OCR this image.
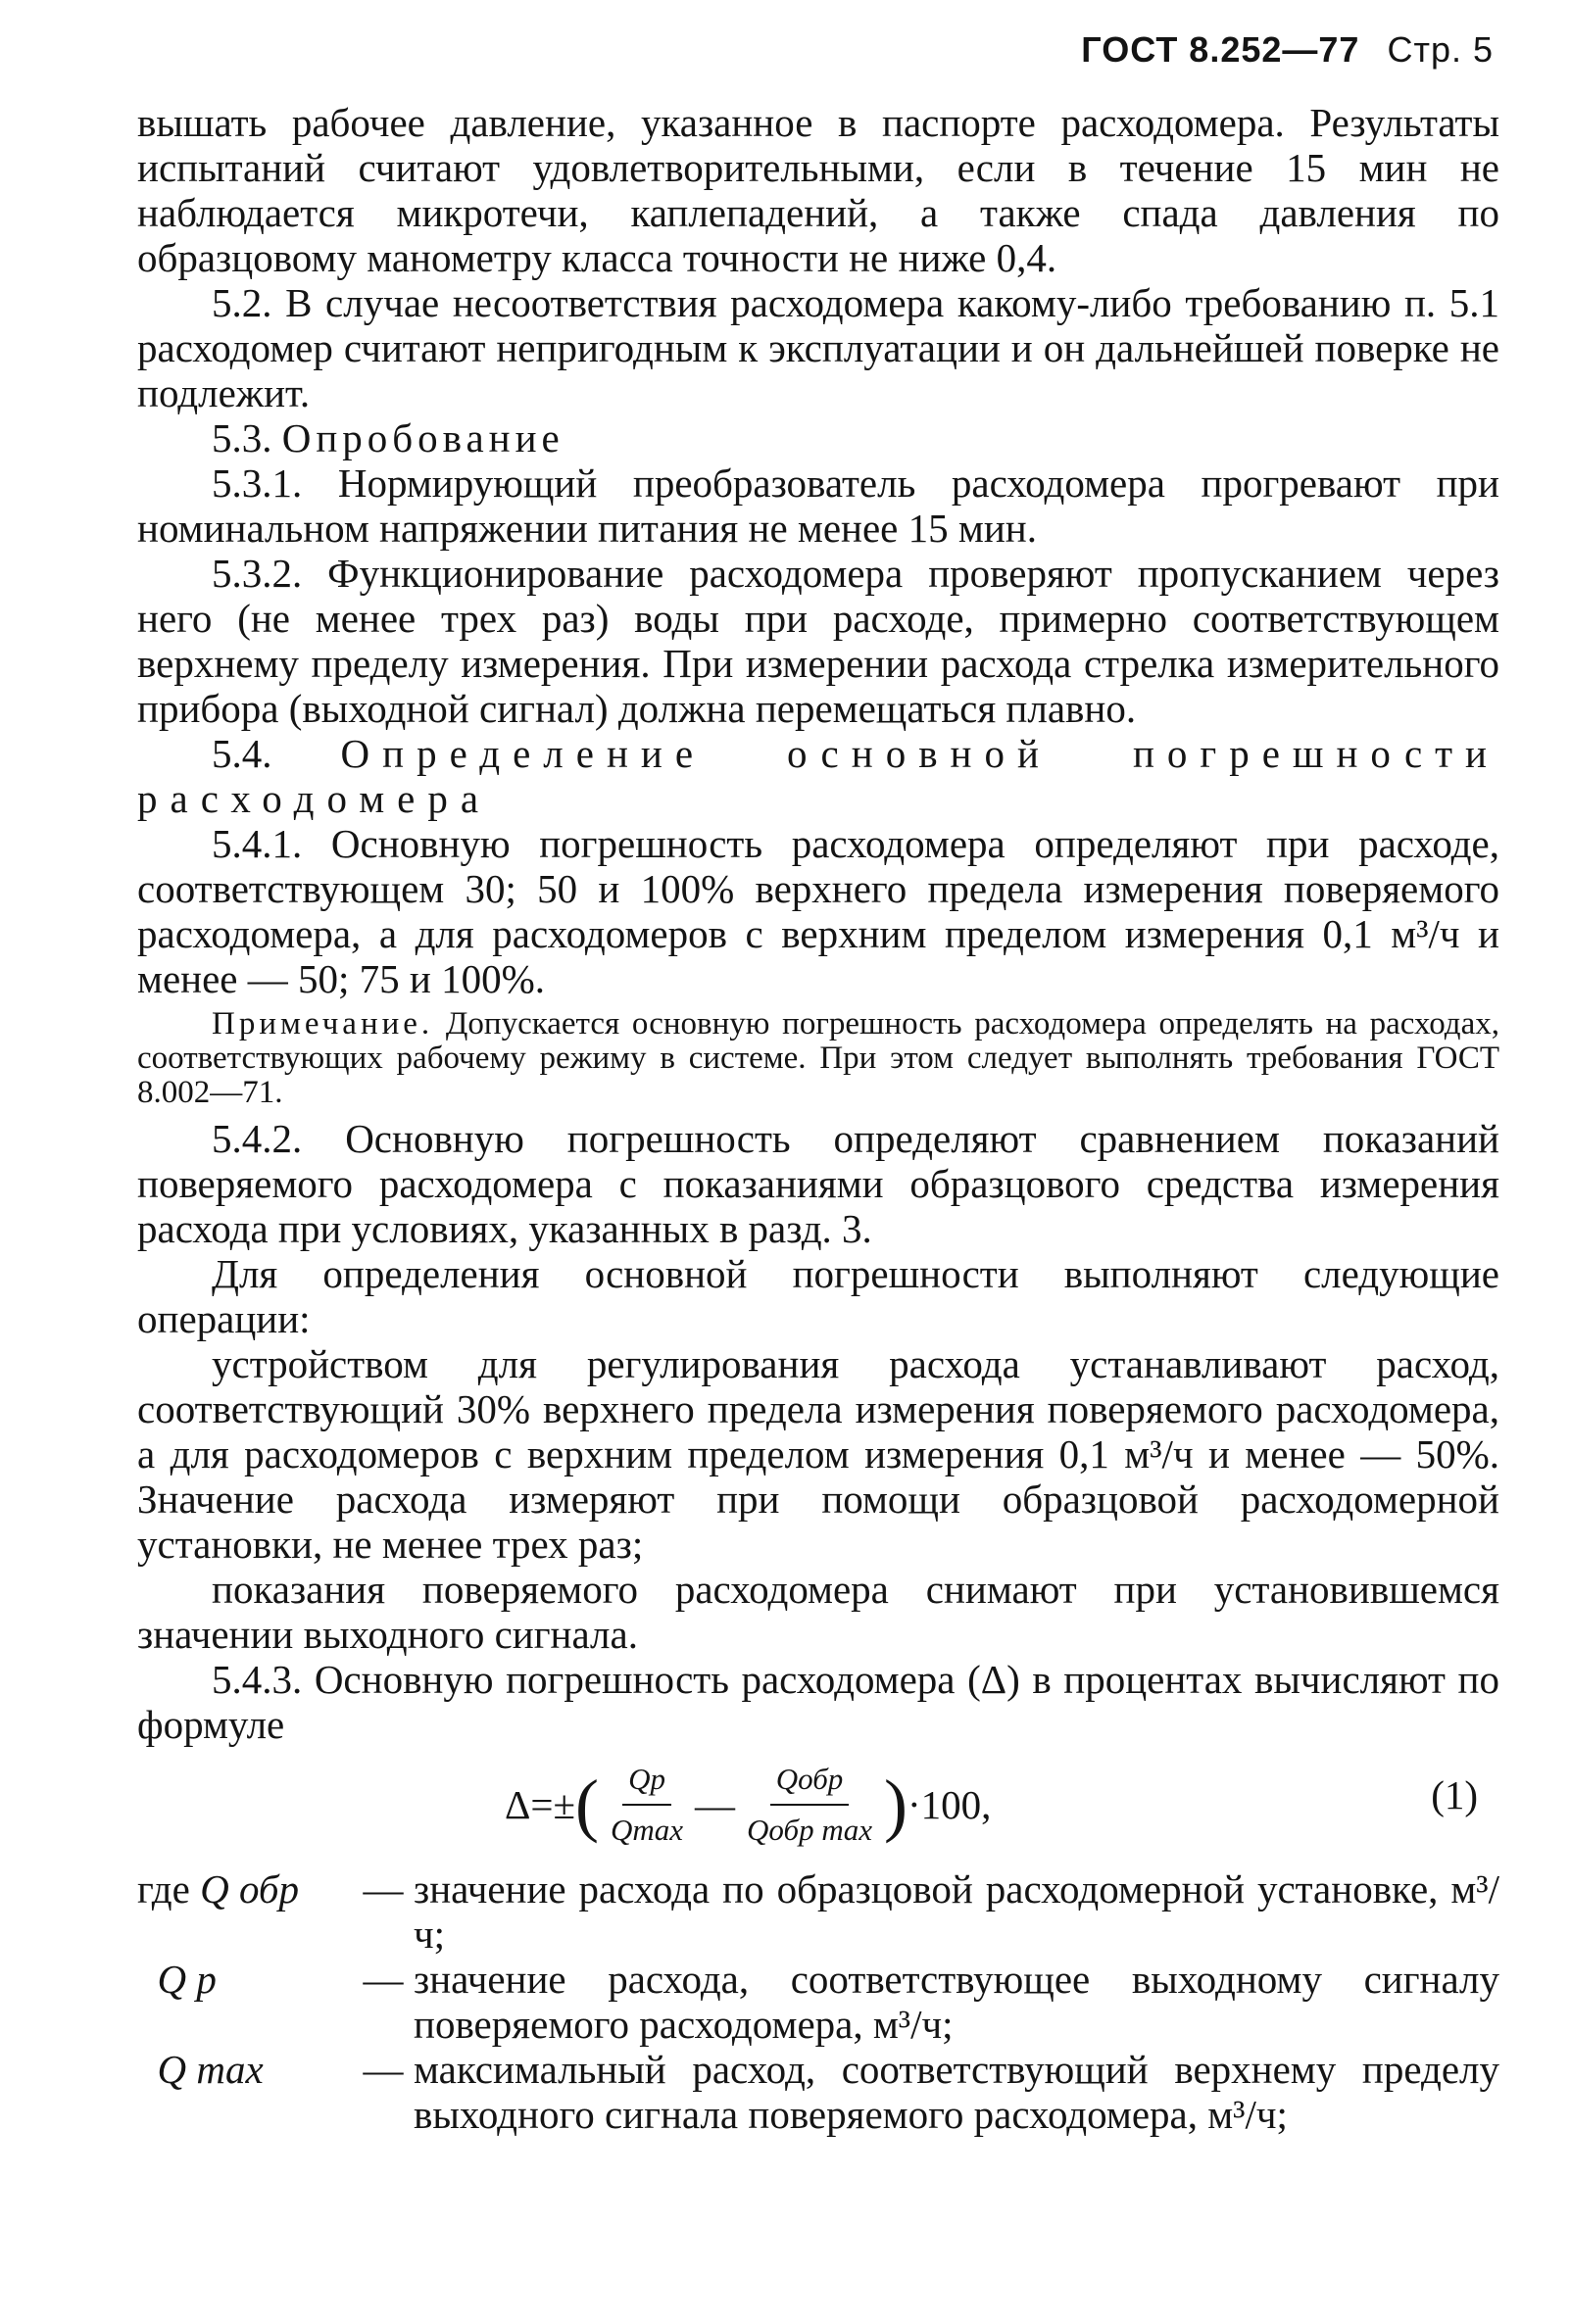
ГОСТ 8.252—77 Стр. 5

вышать рабочее давление, указанное в паспорте расходомера. Результаты испытаний считают удовлетворительными, если в течение 15 мин не наблюдается микротечи, каплепадений, а также спада давления по образцовому манометру класса точности не ниже 0,4.

5.2. В случае несоответствия расходомера какому-либо требованию п. 5.1 расходомер считают непригодным к эксплуатации и он дальнейшей поверке не подлежит.

5.3. Опробование

5.3.1. Нормирующий преобразователь расходомера прогревают при номинальном напряжении питания не менее 15 мин.

5.3.2. Функционирование расходомера проверяют пропусканием через него (не менее трех раз) воды при расходе, примерно соответствующем верхнему пределу измерения. При измерении расхода стрелка измерительного прибора (выходной сигнал) должна перемещаться плавно.

5.4. Определение основной погрешности расходомера

5.4.1. Основную погрешность расходомера определяют при расходе, соответствующем 30; 50 и 100% верхнего предела измерения поверяемого расходомера, а для расходомеров с верхним пределом измерения 0,1 м³/ч и менее — 50; 75 и 100%.

Примечание. Допускается основную погрешность расходомера определять на расходах, соответствующих рабочему режиму в системе. При этом следует выполнять требования ГОСТ 8.002—71.

5.4.2. Основную погрешность определяют сравнением показаний поверяемого расходомера с показаниями образцового средства измерения расхода при условиях, указанных в разд. 3.

Для определения основной погрешности выполняют следующие операции:

устройством для регулирования расхода устанавливают расход, соответствующий 30% верхнего предела измерения поверяемого расходомера, а для расходомеров с верхним пределом измерения 0,1 м³/ч и менее — 50%. Значение расхода измеряют при помощи образцовой расходомерной установки, не менее трех раз;

показания поверяемого расходомера снимают при установившемся значении выходного сигнала.

5.4.3. Основную погрешность расходомера (Δ) в процентах вычисляют по формуле

Δ=± ( $\frac{Qр}{Qmax}$ — $\frac{\text{Qобр}}{\text{Qобр max}}$ ) ·100,	(1)
где Q обр	— значение расхода по образцовой расходомерной установке, м³/ч;
Q р	— значение расхода, соответствующее выходному сигналу поверяемого расходомера, м³/ч;
Q max	— максимальный расход, соответствующий верхнему пределу выходного сигнала поверяемого расходомера, м³/ч;
